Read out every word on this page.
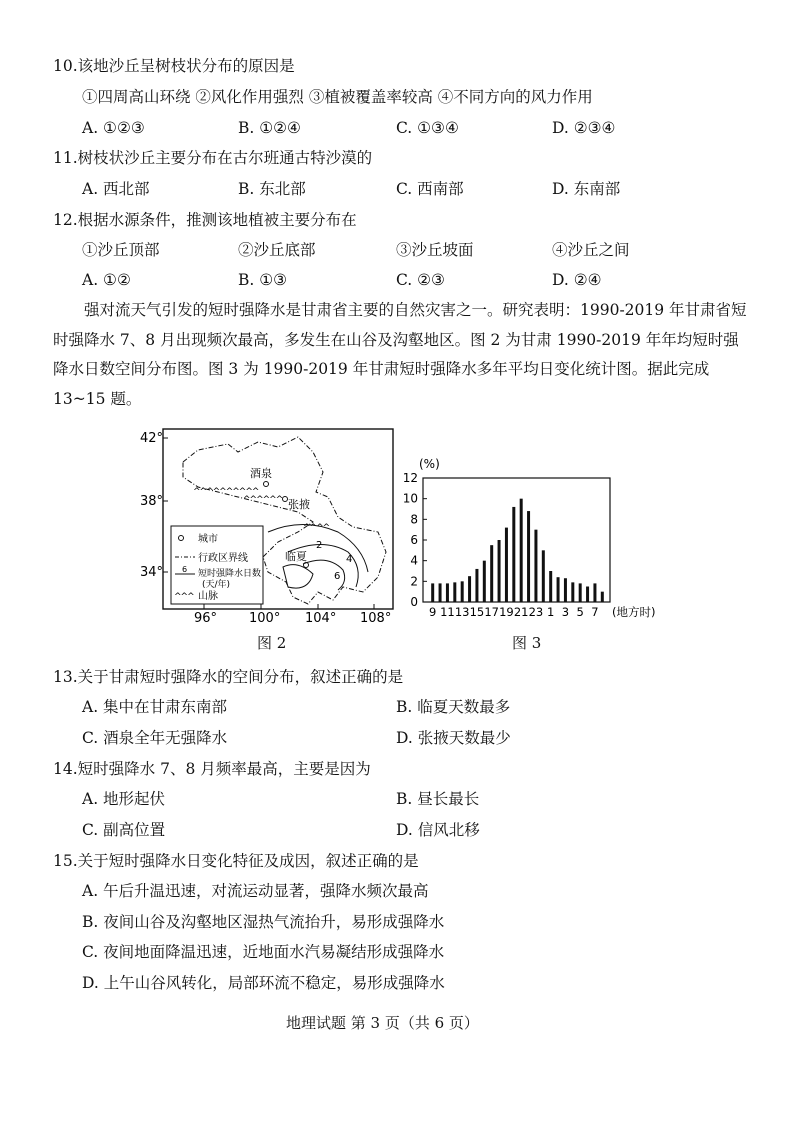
10.该地沙丘呈树枝状分布的原因是
①四周高山环绕 ②风化作用强烈 ③植被覆盖率较高 ④不同方向的风力作用
A. ①②③	B. ①②④	C. ①③④	D. ②③④
11.树枝状沙丘主要分布在古尔班通古特沙漠的
A. 西北部	B. 东北部	C. 西南部	D. 东南部
12.根据水源条件，推测该地植被主要分布在
①沙丘顶部	②沙丘底部	③沙丘坡面	④沙丘之间
A. ①②	B. ①③	C. ②③	D. ②④
强对流天气引发的短时强降水是甘肃省主要的自然灾害之一。研究表明：1990-2019 年甘肃省短时强降水 7、8 月出现频次最高，多发生在山谷及沟壑地区。图 2 为甘肃 1990-2019 年年均短时强降水日数空间分布图。图 3 为 1990-2019 年甘肃短时强降水多年平均日变化统计图。据此完成 13~15 题。
42°
38°
34°
96° 100° 104° 108°
2
4
6
^^^^^^^^^^
^^^^^^
^^^^
酒泉
张掖
临夏
城市
行政区界线
6 短时强降水日数
(天/年)
^^^ 山脉
图 2
0
2
4
6
8
10
12
(%)
9 11 13 15 17 19 21 23 1 3 5 7 (地方时)
图 3
13.关于甘肃短时强降水的空间分布，叙述正确的是
A. 集中在甘肃东南部	B. 临夏天数最多
C. 酒泉全年无强降水	D. 张掖天数最少
14.短时强降水 7、8 月频率最高，主要是因为
A. 地形起伏	B. 昼长最长
C. 副高位置	D. 信风北移
15.关于短时强降水日变化特征及成因，叙述正确的是
A. 午后升温迅速，对流运动显著，强降水频次最高
B. 夜间山谷及沟壑地区湿热气流抬升，易形成强降水
C. 夜间地面降温迅速，近地面水汽易凝结形成强降水
D. 上午山谷风转化，局部环流不稳定，易形成强降水
地理试题 第 3 页（共 6 页）
